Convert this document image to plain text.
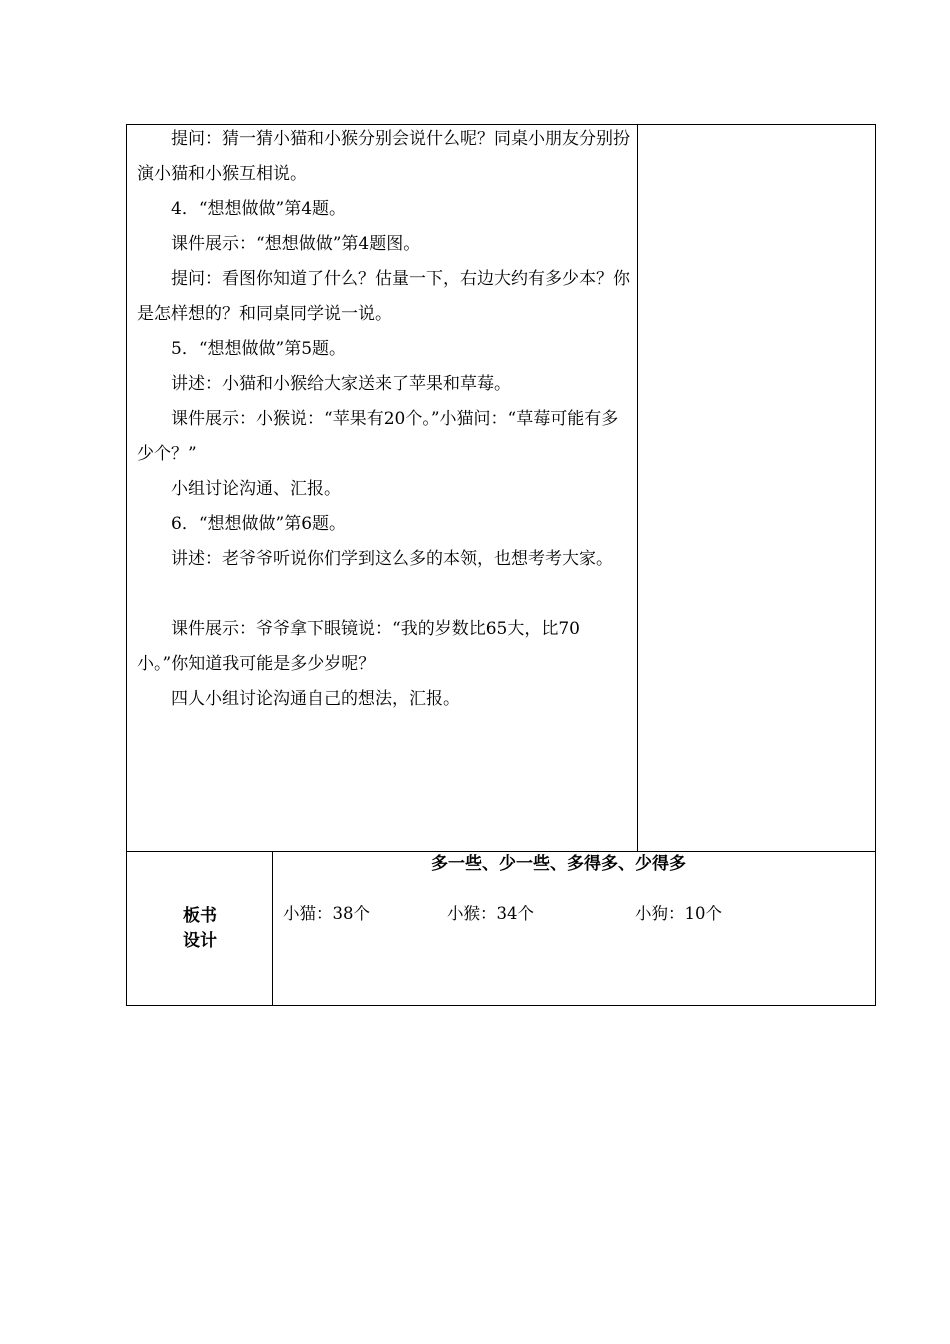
提问：猜一猜小猫和小猴分别会说什么呢？同桌小朋友分别扮演小猫和小猴互相说。

4．“想想做做”第4题。

课件展示：“想想做做”第4题图。

提问：看图你知道了什么？估量一下，右边大约有多少本？你是怎样想的？和同桌同学说一说。

5．“想想做做”第5题。

讲述：小猫和小猴给大家送来了苹果和草莓。

课件展示：小猴说：“苹果有20个。”小猫问：“草莓可能有多少个？”

小组讨论沟通、汇报。

6．“想想做做”第6题。

讲述：老爷爷听说你们学到这么多的本领，也想考考大家。

课件展示：爷爷拿下眼镜说：“我的岁数比65大，比70小。”你知道我可能是多少岁呢？

四人小组讨论沟通自己的想法，汇报。

板书
设计
多一些、少一些、多得多、少得多
小猫：38个	小猴：34个	小狗：10个
